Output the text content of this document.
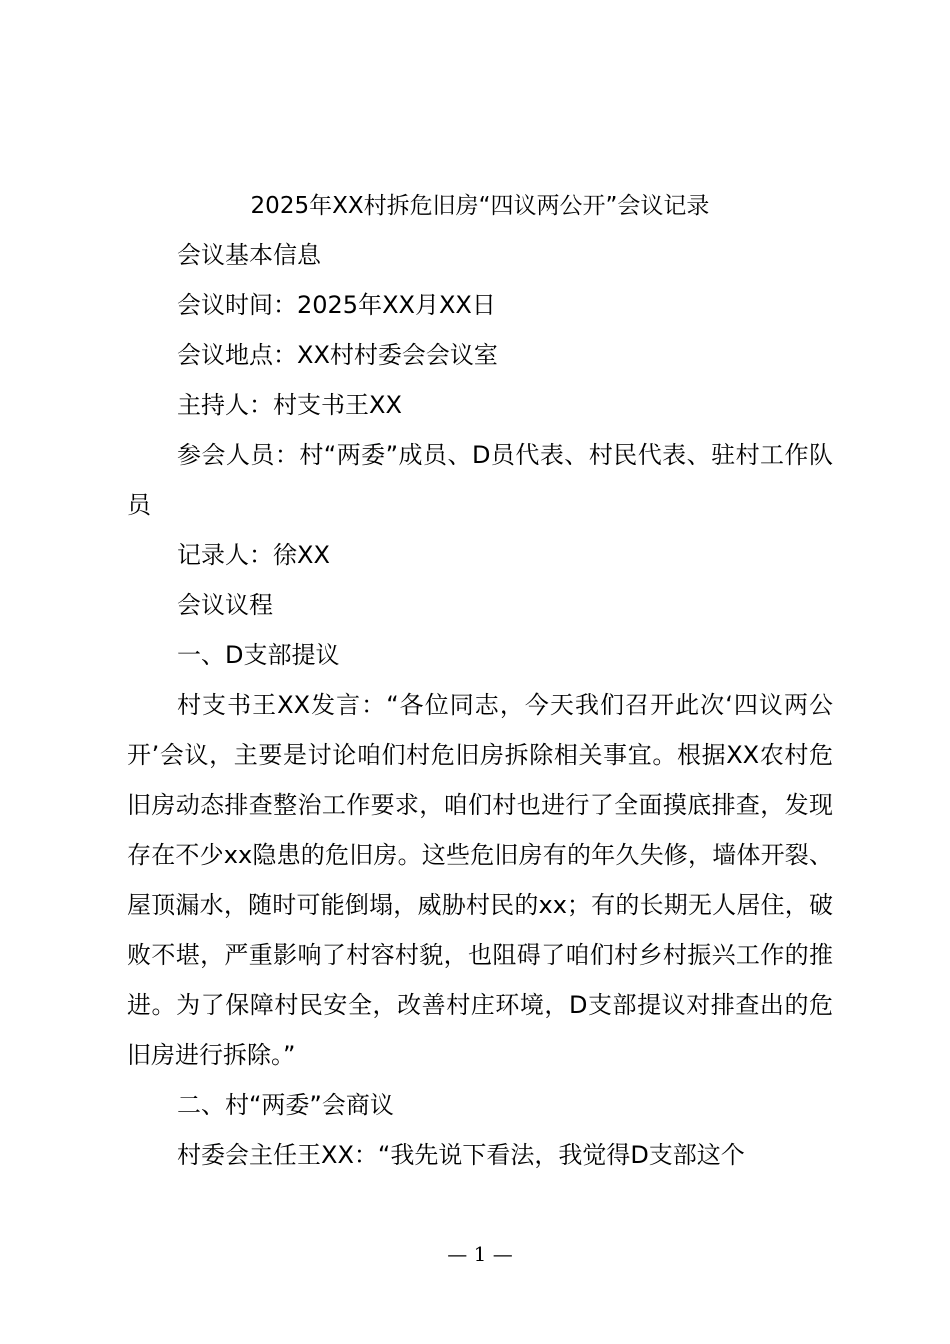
2025年XX村拆危旧房“四议两公开”会议记录

会议基本信息

会议时间：2025年XX月XX日

会议地点：XX村村委会会议室

主持人：村支书王XX

参会人员：村“两委”成员、D员代表、村民代表、驻村工作队员

记录人：徐XX

会议议程

一、D支部提议

村支书王XX发言：“各位同志，今天我们召开此次‘四议两公开’会议，主要是讨论咱们村危旧房拆除相关事宜。根据XX农村危旧房动态排查整治工作要求，咱们村也进行了全面摸底排查，发现存在不少xx隐患的危旧房。这些危旧房有的年久失修，墙体开裂、屋顶漏水，随时可能倒塌，威胁村民的xx；有的长期无人居住，破败不堪，严重影响了村容村貌，也阻碍了咱们村乡村振兴工作的推进。为了保障村民安全，改善村庄环境，D支部提议对排查出的危旧房进行拆除。”

二、村“两委”会商议

村委会主任王XX：“我先说下看法，我觉得D支部这个

— 1 —
